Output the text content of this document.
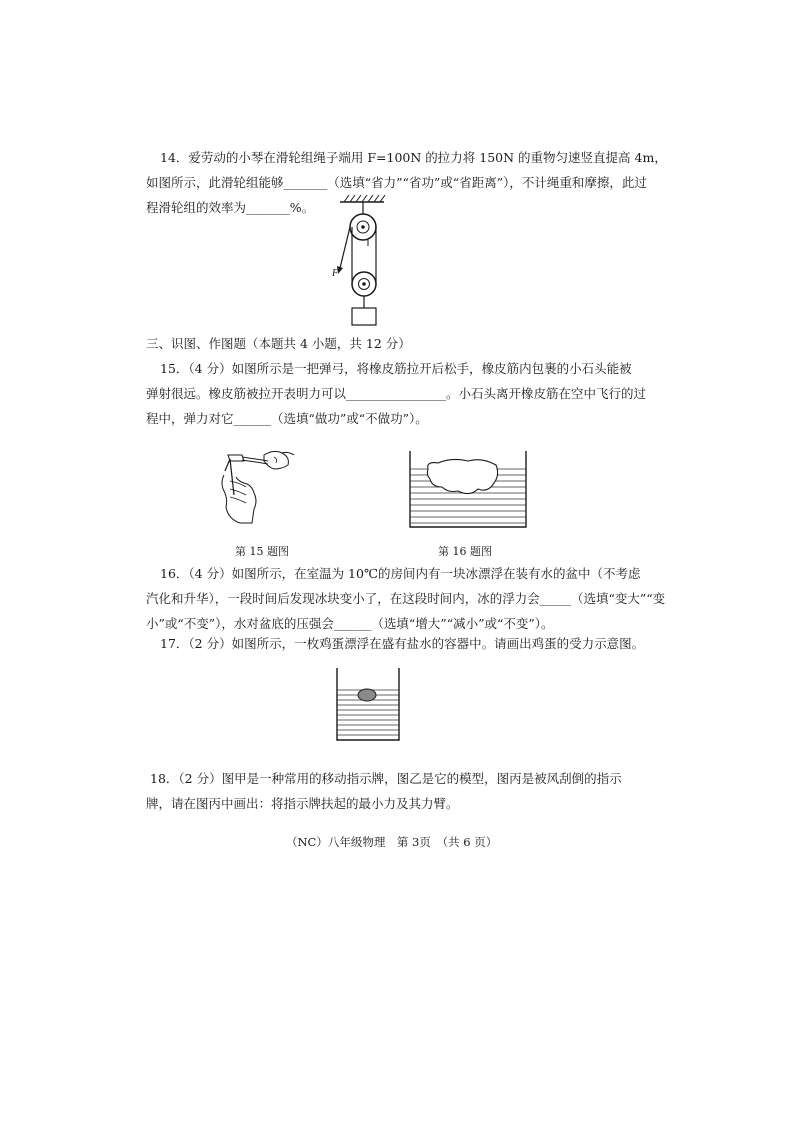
14．爱劳动的小琴在滑轮组绳子端用 F=100N 的拉力将 150N 的重物匀速竖直提高 4m，
如图所示，此滑轮组能够_______（选填“省力”“省功”或“省距离”），不计绳重和摩擦，此过
程滑轮组的效率为_______%。
F
三、识图、作图题（本题共 4 小题，共 12 分）
15．（4 分）如图所示是一把弹弓，将橡皮筋拉开后松手，橡皮筋内包裹的小石头能被
弹射很远。橡皮筋被拉开表明力可以________________。小石头离开橡皮筋在空中飞行的过
程中，弹力对它______（选填“做功”或“不做功”）。
第 15 题图	第 16 题图
16．（4 分）如图所示，在室温为 10℃的房间内有一块冰漂浮在装有水的盆中（不考虑
汽化和升华），一段时间后发现冰块变小了，在这段时间内，冰的浮力会_____（选填“变大”“变
小”或“不变”），水对盆底的压强会______（选填“增大”“减小”或“不变”）。
17．（2 分）如图所示，一枚鸡蛋漂浮在盛有盐水的容器中。请画出鸡蛋的受力示意图。
18．（2 分）图甲是一种常用的移动指示牌，图乙是它的模型，图丙是被风刮倒的指示
牌，请在图丙中画出：将指示牌扶起的最小力及其力臂。
（NC）八年级物理　第 3页　（共 6 页）
